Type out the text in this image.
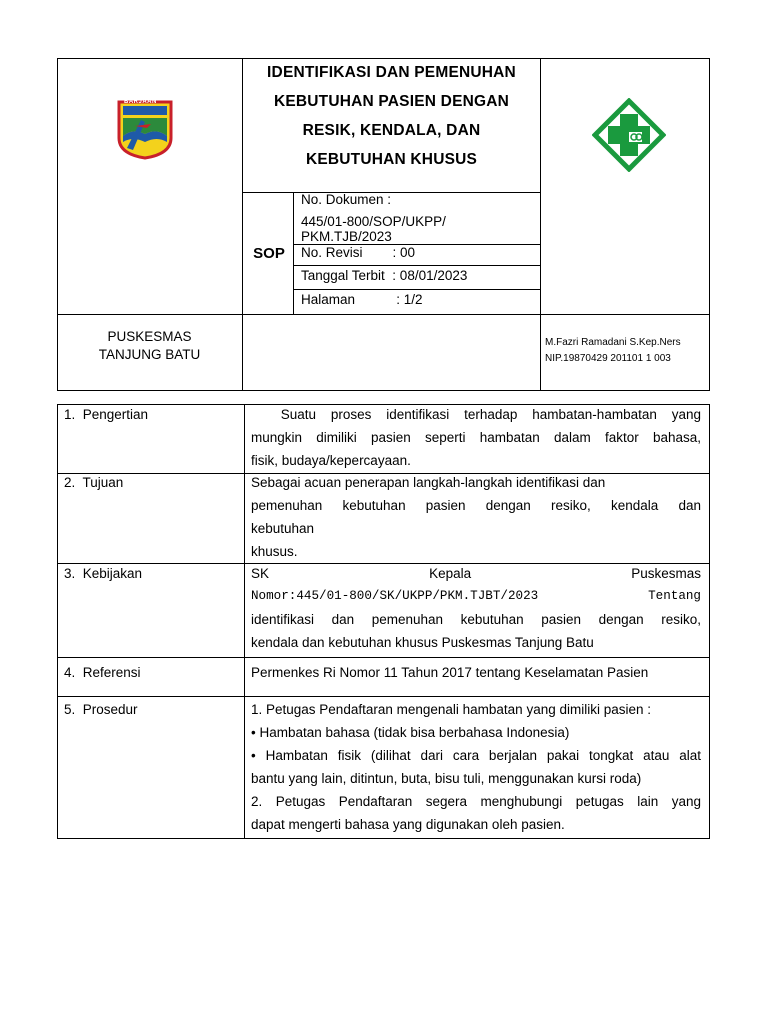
BARJAAN
IDENTIFIKASI DAN PEMENUHAN
KEBUTUHAN PASIEN DENGAN
RESIK, KENDALA, DAN
KEBUTUHAN KHUSUS
SOP
No. Dokumen :
445/01-800/SOP/UKPP/
PKM.TJB/2023
No. Revisi        : 00
Tanggal Terbit  : 08/01/2023
Halaman           : 1/2
PUSKESMAS
TANJUNG BATU
M.Fazri Ramadani S.Kep.Ners
NIP.19870429 201101 1 003
1.  Pengertian	Suatu proses identifikasi terhadap hambatan-hambatan yang
mungkin dimiliki pasien seperti hambatan dalam faktor bahasa,
fisik, budaya/kepercayaan.
2.  Tujuan	Sebagai acuan penerapan langkah-langkah identifikasi dan
pemenuhan kebutuhan pasien dengan resiko, kendala dan
kebutuhan
khusus.
3.  Kebijakan	SK Kepala Puskesmas
Nomor:445/01-800/SK/UKPP/PKM.TJBT/2023 Tentang
identifikasi dan pemenuhan kebutuhan pasien dengan resiko,
kendala dan kebutuhan khusus Puskesmas Tanjung Batu
4.  Referensi	Permenkes Ri Nomor 11 Tahun 2017 tentang Keselamatan Pasien
5.  Prosedur	1. Petugas Pendaftaran mengenali hambatan yang dimiliki pasien :
• Hambatan bahasa (tidak bisa berbahasa Indonesia)
• Hambatan fisik (dilihat dari cara berjalan pakai tongkat atau alat
bantu yang lain, ditintun, buta, bisu tuli, menggunakan kursi roda)
2. Petugas Pendaftaran segera menghubungi petugas lain yang
dapat mengerti bahasa yang digunakan oleh pasien.
